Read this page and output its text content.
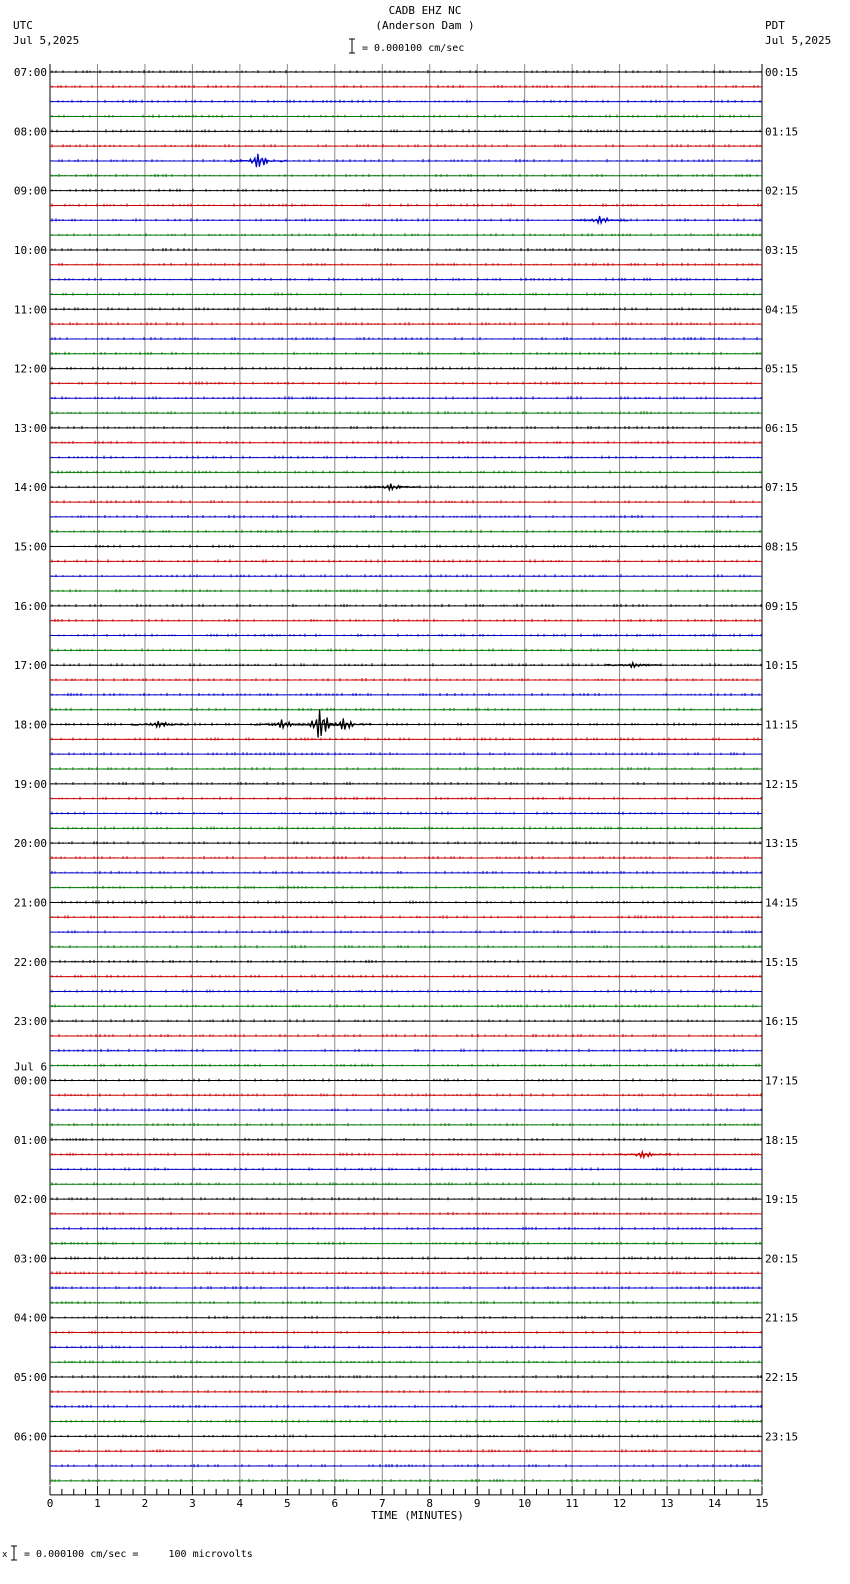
CADB EHZ NC
(Anderson Dam )
UTC
Jul 5,2025
PDT
Jul 5,2025
= 0.000100 cm/sec
x = 0.000100 cm/sec =     100 microvolts
TIME (MINUTES)
07:00
08:00
09:00
10:00
11:00
12:00
13:00
14:00
15:00
16:00
17:00
18:00
19:00
20:00
21:00
22:00
23:00
00:00
01:00
02:00
03:00
04:00
05:00
06:00
Jul 6
00:15
01:15
02:15
03:15
04:15
05:15
06:15
07:15
08:15
09:15
10:15
11:15
12:15
13:15
14:15
15:15
16:15
17:15
18:15
19:15
20:15
21:15
22:15
23:15
0	1	2	3	4	5	6	7	8	9	10	11	12	13	14	15
